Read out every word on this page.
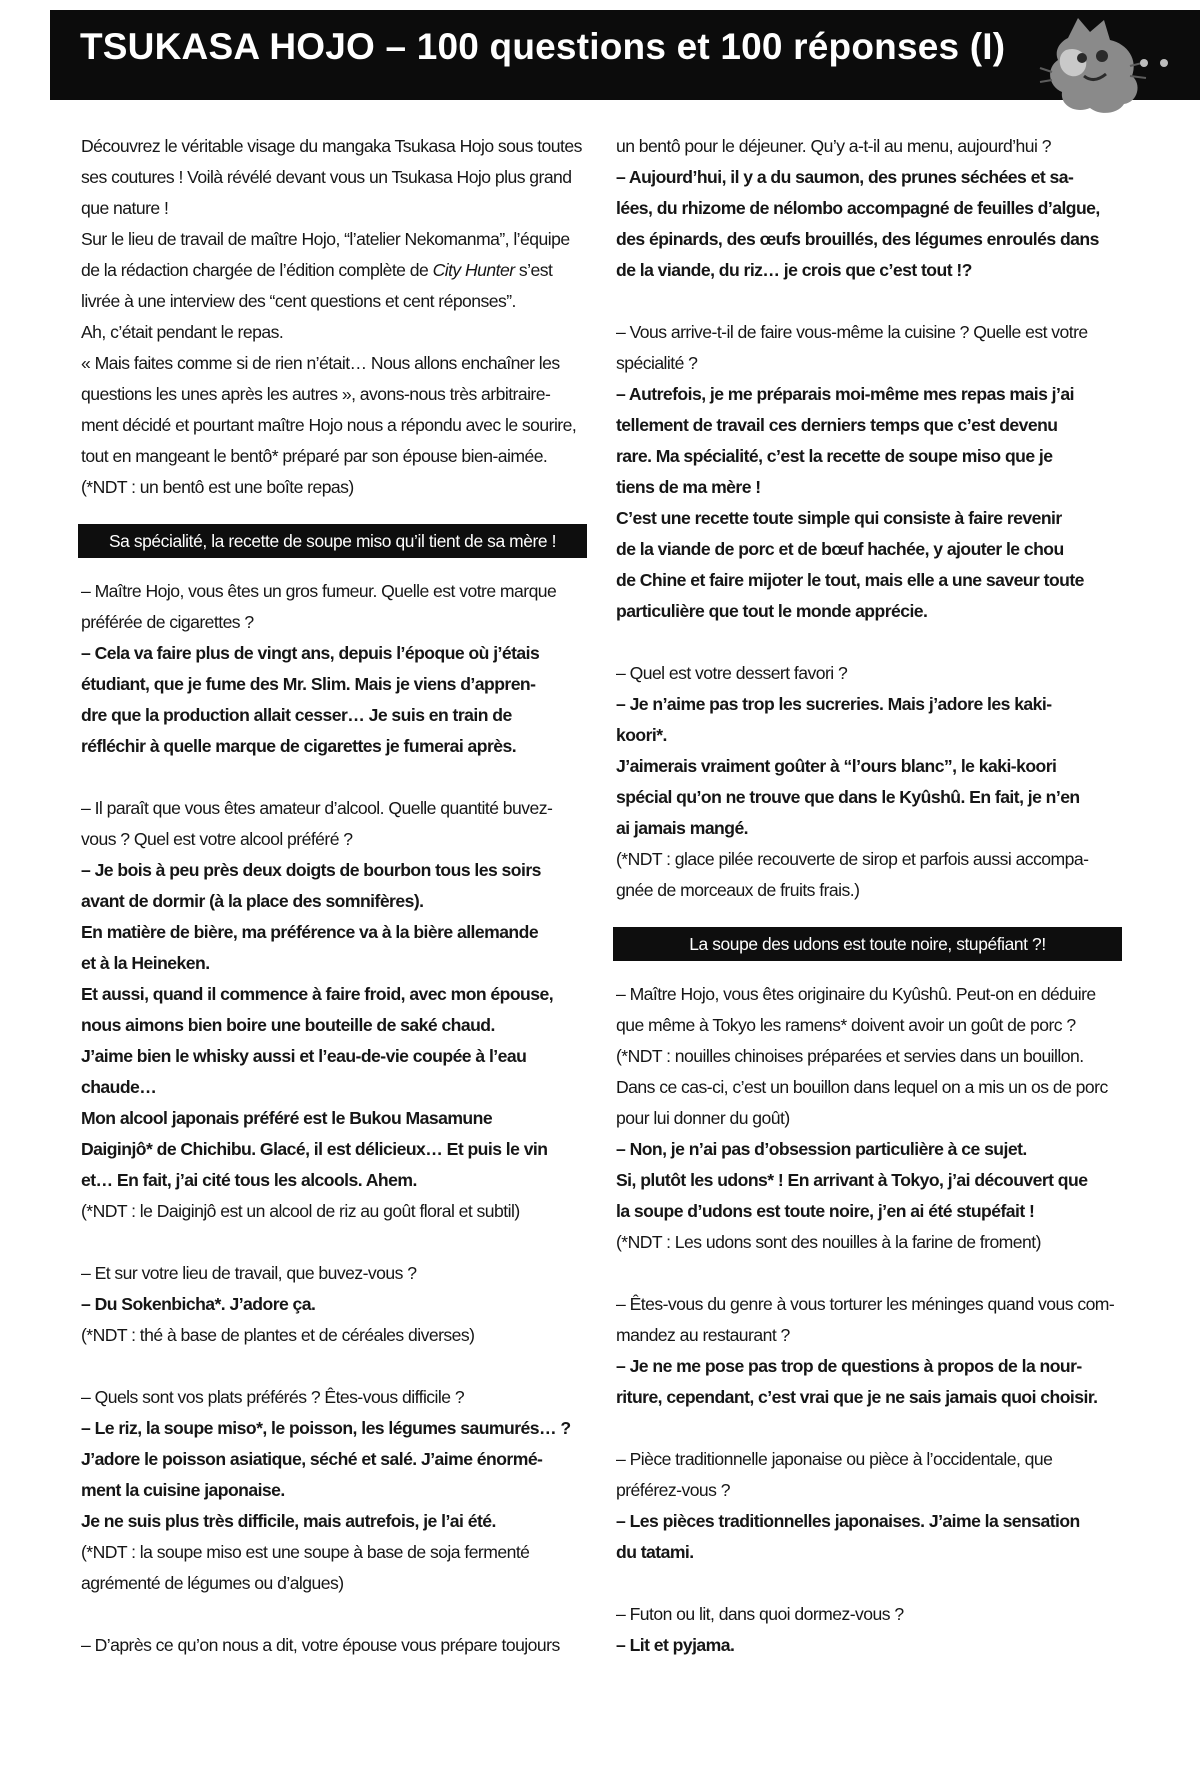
TSUKASA HOJO – 100 questions et 100 réponses (I)

Découvrez le véritable visage du mangaka Tsukasa Hojo sous toutes

ses coutures ! Voilà révélé devant vous un Tsukasa Hojo plus grand

que nature !

Sur le lieu de travail de maître Hojo, “l’atelier Nekomanma”, l’équipe

de la rédaction chargée de l’édition complète de City Hunter s’est

livrée à une interview des “cent questions et cent réponses”.

Ah, c’était pendant le repas.

« Mais faites comme si de rien n’était… Nous allons enchaîner les

questions les unes après les autres », avons-nous très arbitraire-

ment décidé et pourtant maître Hojo nous a répondu avec le sourire,

tout en mangeant le bentô* préparé par son épouse bien-aimée.

(*NDT : un bentô est une boîte repas)

Sa spécialité, la recette de soupe miso qu’il tient de sa mère !

– Maître Hojo, vous êtes un gros fumeur. Quelle est votre marque

préférée de cigarettes ?

– Cela va faire plus de vingt ans, depuis l’époque où j’étais

étudiant, que je fume des Mr. Slim. Mais je viens d’appren-

dre que la production allait cesser… Je suis en train de

réfléchir à quelle marque de cigarettes je fumerai après.

– Il paraît que vous êtes amateur d’alcool. Quelle quantité buvez-

vous ? Quel est votre alcool préféré ?

– Je bois à peu près deux doigts de bourbon tous les soirs

avant de dormir (à la place des somnifères).

En matière de bière, ma préférence va à la bière allemande

et à la Heineken.

Et aussi, quand il commence à faire froid, avec mon épouse,

nous aimons bien boire une bouteille de saké chaud.

J’aime bien le whisky aussi et l’eau-de-vie coupée à l’eau

chaude…

Mon alcool japonais préféré est le Bukou Masamune

Daiginjô* de Chichibu. Glacé, il est délicieux… Et puis le vin

et… En fait, j’ai cité tous les alcools. Ahem.

(*NDT : le Daiginjô est un alcool de riz au goût floral et subtil)

– Et sur votre lieu de travail, que buvez-vous ?

– Du Sokenbicha*. J’adore ça.

(*NDT : thé à base de plantes et de céréales diverses)

– Quels sont vos plats préférés ? Êtes-vous difficile ?

– Le riz, la soupe miso*, le poisson, les légumes saumurés… ?

J’adore le poisson asiatique, séché et salé. J’aime énormé-

ment la cuisine japonaise.

Je ne suis plus très difficile, mais autrefois, je l’ai été.

(*NDT : la soupe miso est une soupe à base de soja fermenté

agrémenté de légumes ou d’algues)

– D’après ce qu’on nous a dit, votre épouse vous prépare toujours

un bentô pour le déjeuner. Qu’y a-t-il au menu, aujourd’hui ?

– Aujourd’hui, il y a du saumon, des prunes séchées et sa-

lées, du rhizome de nélombo accompagné de feuilles d’algue,

des épinards, des œufs brouillés, des légumes enroulés dans

de la viande, du riz… je crois que c’est tout !?

– Vous arrive-t-il de faire vous-même la cuisine ? Quelle est votre

spécialité ?

– Autrefois, je me préparais moi-même mes repas mais j’ai

tellement de travail ces derniers temps que c’est devenu

rare. Ma spécialité, c’est la recette de soupe miso que je

tiens de ma mère !

C’est une recette toute simple qui consiste à faire revenir

de la viande de porc et de bœuf hachée, y ajouter le chou

de Chine et faire mijoter le tout, mais elle a une saveur toute

particulière que tout le monde apprécie.

– Quel est votre dessert favori ?

– Je n’aime pas trop les sucreries. Mais j’adore les kaki-

koori*.

J’aimerais vraiment goûter à “l’ours blanc”, le kaki-koori

spécial qu’on ne trouve que dans le Kyûshû. En fait, je n’en

ai jamais mangé.

(*NDT : glace pilée recouverte de sirop et parfois aussi accompa-

gnée de morceaux de fruits frais.)

La soupe des udons est toute noire, stupéfiant ?!

– Maître Hojo, vous êtes originaire du Kyûshû. Peut-on en déduire

que même à Tokyo les ramens* doivent avoir un goût de porc ?

(*NDT : nouilles chinoises préparées et servies dans un bouillon.

Dans ce cas-ci, c’est un bouillon dans lequel on a mis un os de porc

pour lui donner du goût)

– Non, je n’ai pas d’obsession particulière à ce sujet.

Si, plutôt les udons* ! En arrivant à Tokyo, j’ai découvert que

la soupe d’udons est toute noire, j’en ai été stupéfait !

(*NDT : Les udons sont des nouilles à la farine de froment)

– Êtes-vous du genre à vous torturer les méninges quand vous com-

mandez au restaurant ?

– Je ne me pose pas trop de questions à propos de la nour-

riture, cependant, c’est vrai que je ne sais jamais quoi choisir.

– Pièce traditionnelle japonaise ou pièce à l’occidentale, que

préférez-vous ?

– Les pièces traditionnelles japonaises. J’aime la sensation

du tatami.

– Futon ou lit, dans quoi dormez-vous ?

– Lit et pyjama.
